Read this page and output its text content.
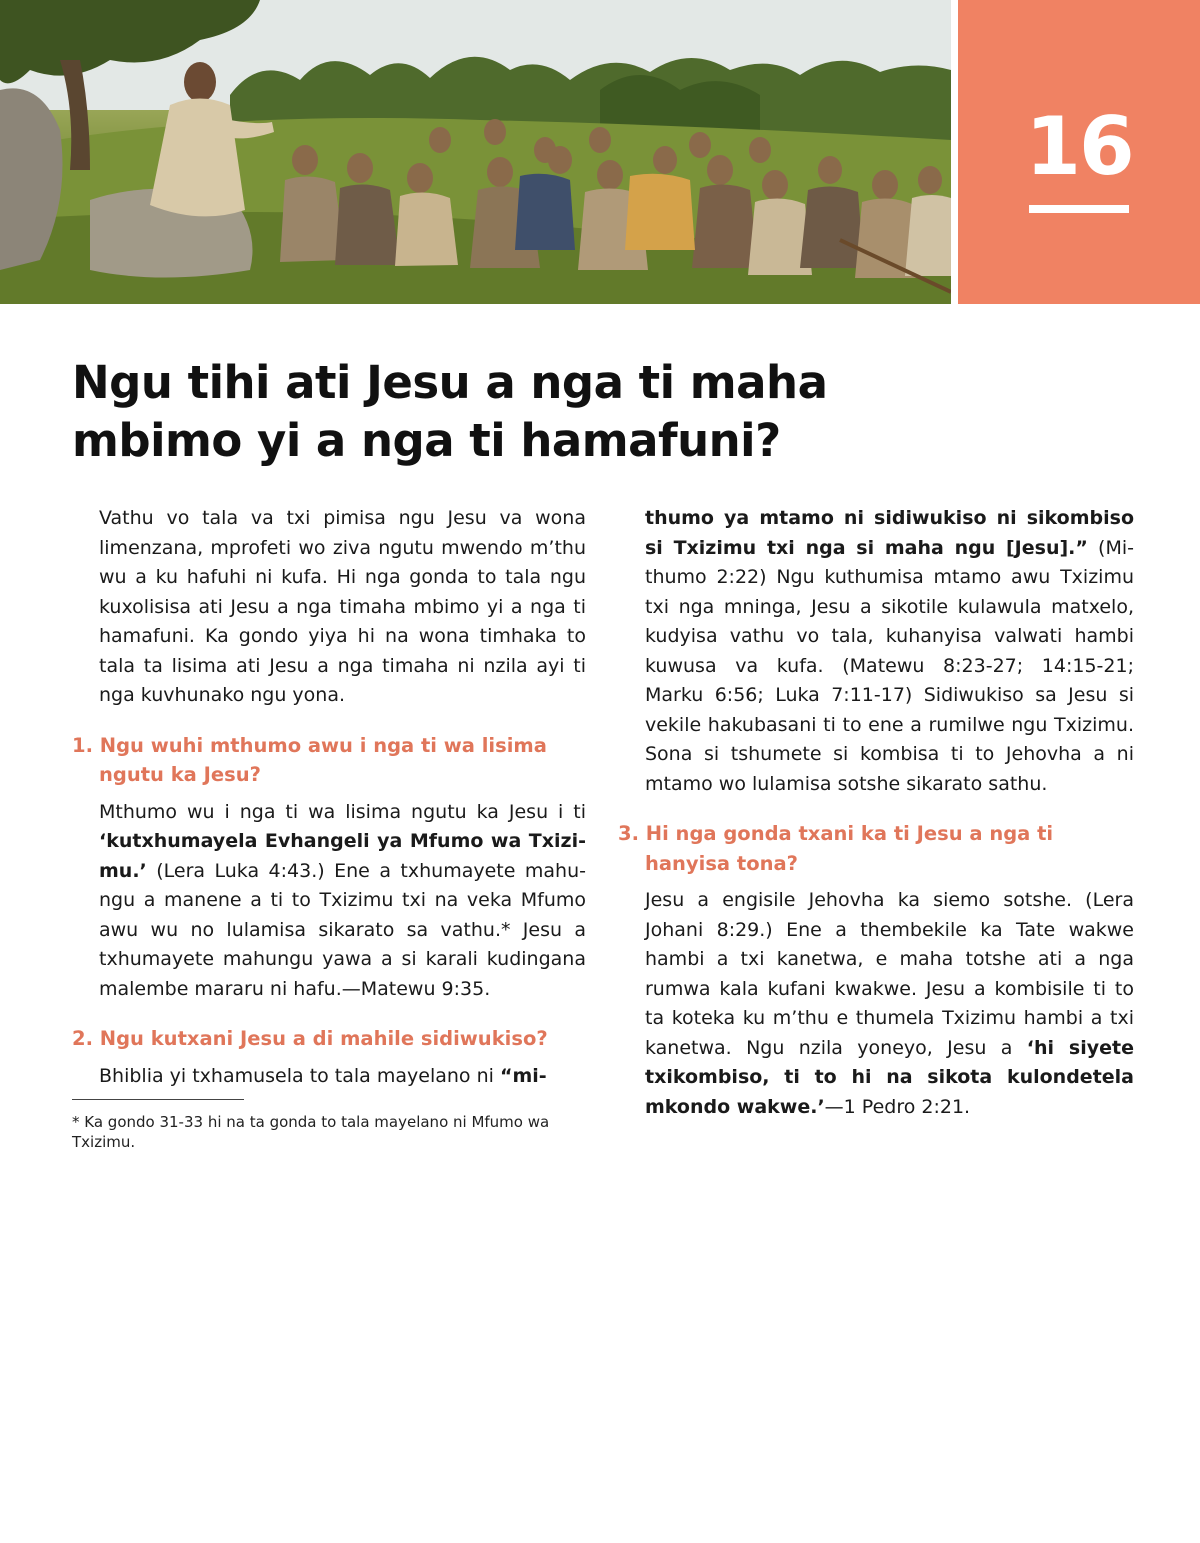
16
Ngu tihi ati Jesu a nga ti maha
mbimo yi a nga ti hamafuni?

Vathu vo tala va txi pimisa ngu Jesu va wona limenzana, mprofeti wo ziva ngutu mwendo m’thu wu a ku hafuhi ni kufa. Hi nga gonda to tala ngu kuxolisisa ati Jesu a nga timaha mbimo yi a nga ti hamafuni. Ka gondo yiya hi na wona timhaka to tala ta lisima ati Jesu a nga timaha ni nzila ayi ti nga kuvhunako ngu yona.

1. Ngu wuhi mthumo awu i nga ti wa lisima ngutu ka Jesu?

Mthumo wu i nga ti wa lisima ngutu ka Jesu i ti ‘kutxhumayela Evhangeli ya Mfumo wa Txizimu.’ (Lera Luka 4:43.) Ene a txhumayete mahungu a manene a ti to Txizimu txi na veka Mfumo awu wu no lulamisa sikarato sa vathu.* Jesu a txhumayete mahungu yawa a si karali kudingana malembe mararu ni hafu.—Matewu 9:35.

2. Ngu kutxani Jesu a di mahile sidiwukiso?

Bhiblia yi txhamusela to tala mayelano ni “mi-

* Ka gondo 31-33 hi na ta gonda to tala mayelano ni Mfumo wa Txizimu.

thumo ya mtamo ni sidiwukiso ni sikombiso si Txizimu txi nga si maha ngu [Jesu].” (Mithumo 2:22) Ngu kuthumisa mtamo awu Txizimu txi nga mninga, Jesu a sikotile kulawula matxelo, kudyisa vathu vo tala, kuhanyisa valwati hambi kuwusa va kufa. (Matewu 8:23-27; 14:15-21; Marku 6:56; Luka 7:11-17) Sidiwukiso sa Jesu si vekile hakubasani ti to ene a rumilwe ngu Txizimu. Sona si tshumete si kombisa ti to Jehovha a ni mtamo wo lulamisa sotshe sikarato sathu.

3. Hi nga gonda txani ka ti Jesu a nga ti hanyisa tona?

Jesu a engisile Jehovha ka siemo sotshe. (Lera Johani 8:29.) Ene a thembekile ka Tate wakwe hambi a txi kanetwa, e maha totshe ati a nga rumwa kala kufani kwakwe. Jesu a kombisile ti to ta koteka ku m’thu e thumela Txizimu hambi a txi kanetwa. Ngu nzila yoneyo, Jesu a ‘hi siyete txikombiso, ti to hi na sikota kulondetela mkondo wakwe.’—1 Pedro 2:21.
